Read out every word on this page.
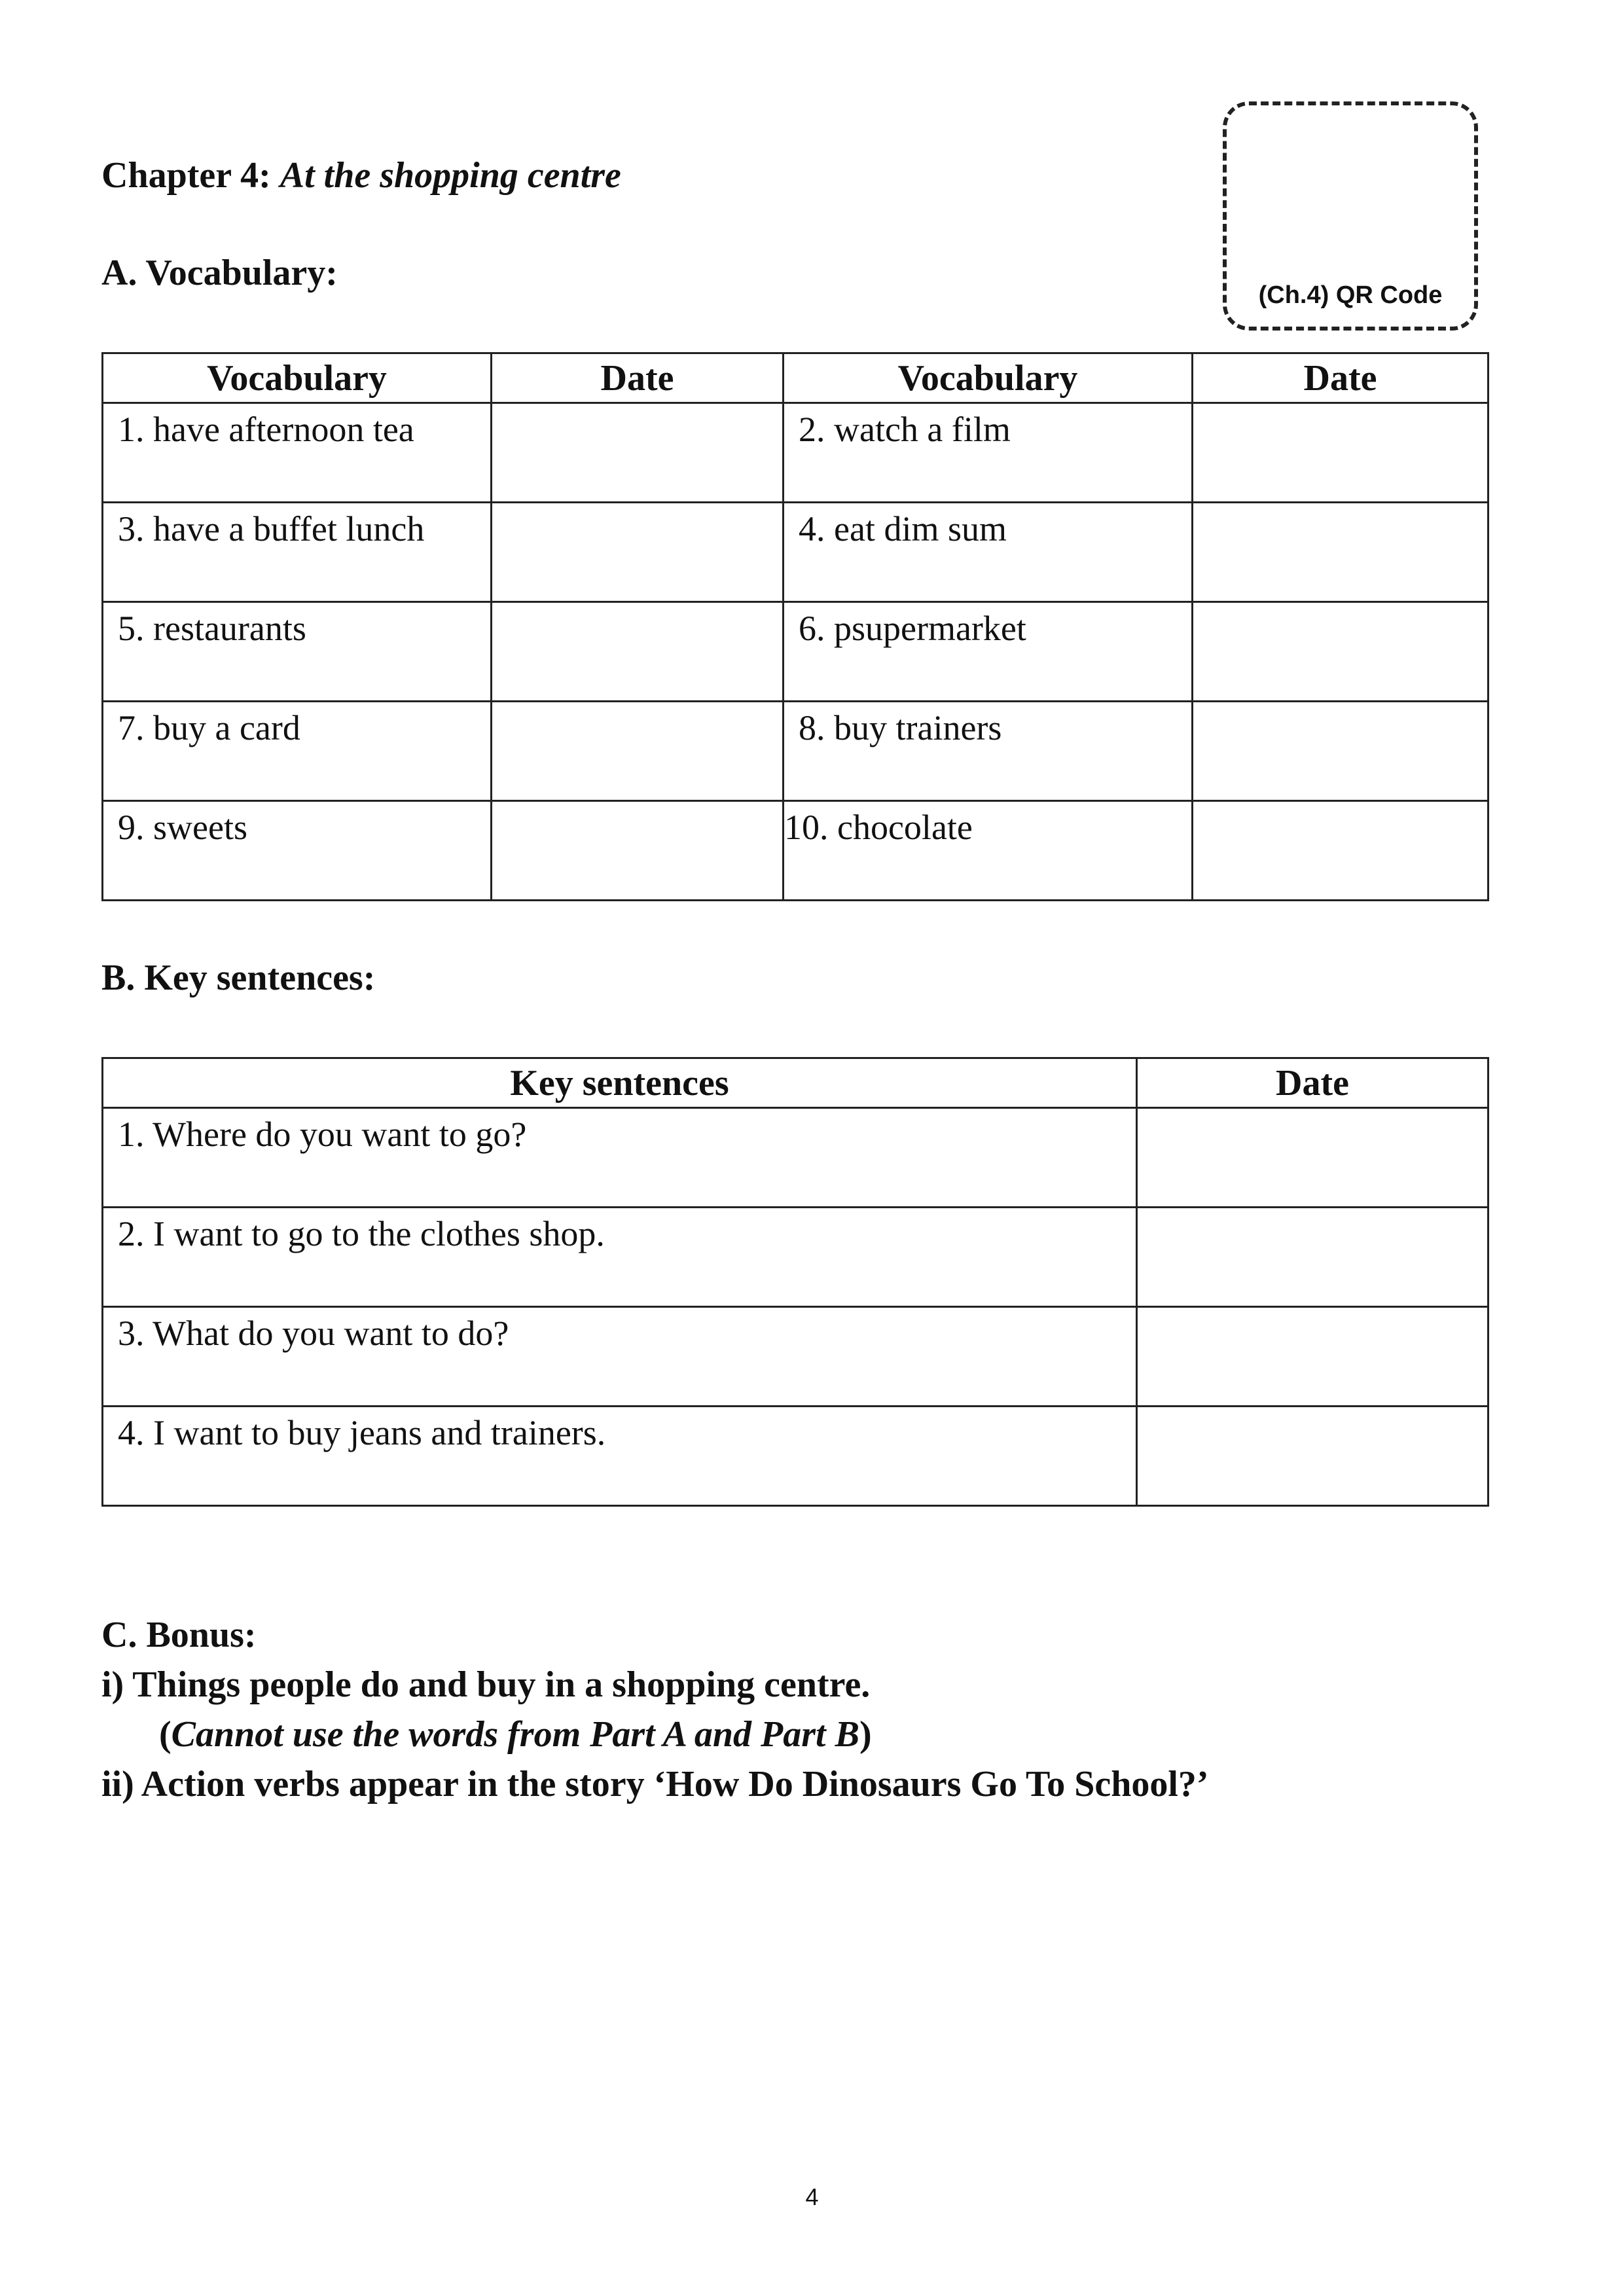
Chapter 4: At the shopping centre
(Ch.4) QR Code
A. Vocabulary:
Vocabulary	Date	Vocabulary	Date

1. have afternoon tea		2. watch a film	

3. have a buffet lunch		4. eat dim sum	

5. restaurants		6. psupermarket	

7. buy a card		8. buy trainers	

9. sweets		10. chocolate	

B. Key sentences:
Key sentences	Date

1. Where do you want to go?	

2. I want to go to the clothes shop.	

3. What do you want to do?	

4. I want to buy jeans and trainers.	

C. Bonus:
i) Things people do and buy in a shopping centre.
(Cannot use the words from Part A and Part B)
ii) Action verbs appear in the story ‘How Do Dinosaurs Go To School?’
4
